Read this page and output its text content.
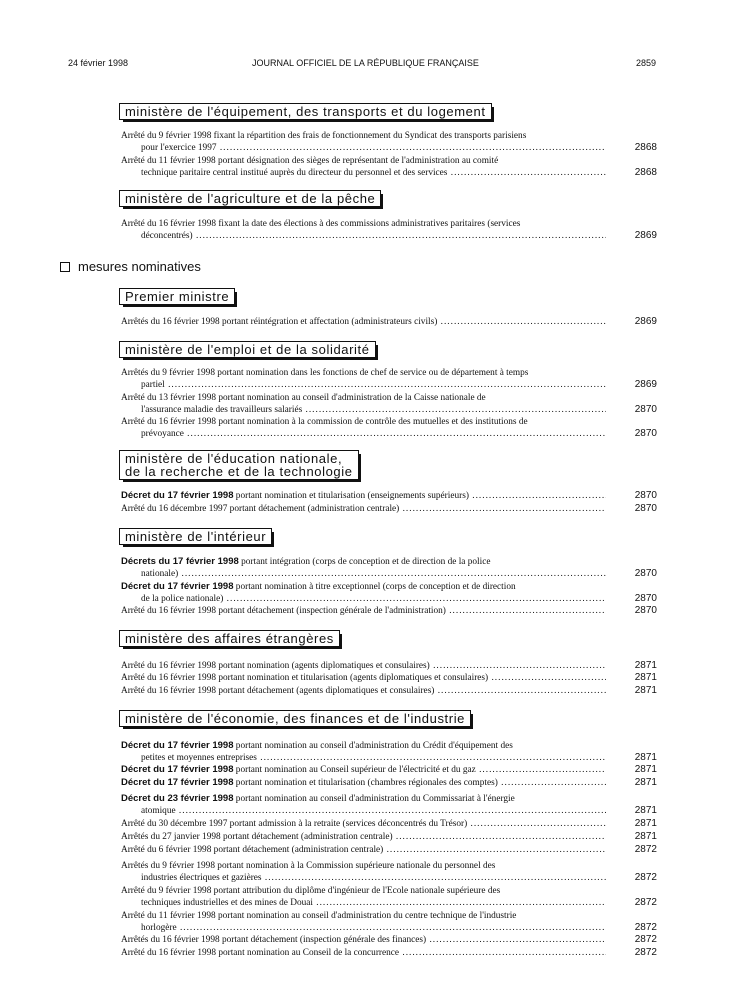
24 février 1998	JOURNAL OFFICIEL DE LA RÉPUBLIQUE FRANÇAISE	2859
ministère de l'équipement, des transports et du logement
ministère de l'agriculture et de la pêche
mesures nominatives
Premier ministre
ministère de l'emploi et de la solidarité
ministère de l'éducation nationale,
de la recherche et de la technologie
ministère de l'intérieur
ministère des affaires étrangères
ministère de l'économie, des finances et de l'industrie
Arrêté du 9 février 1998 fixant la répartition des frais de fonctionnement du Syndicat des transports parisiens
pour l'exercice 1997 .....	2868
Arrêté du 11 février 1998 portant désignation des sièges de représentant de l'administration au comité
technique paritaire central institué auprès du directeur du personnel et des services .....	2868
Arrêté du 16 février 1998 fixant la date des élections à des commissions administratives paritaires (services
déconcentrés) .....	2869
Arrêtés du 16 février 1998 portant réintégration et affectation (administrateurs civils) .....	2869
Arrêtés du 9 février 1998 portant nomination dans les fonctions de chef de service ou de département à temps
partiel .....	2869
Arrêté du 13 février 1998 portant nomination au conseil d'administration de la Caisse nationale de
l'assurance maladie des travailleurs salariés .....	2870
Arrêté du 16 février 1998 portant nomination à la commission de contrôle des mutuelles et des institutions de
prévoyance .....	2870
Décret du 17 février 1998 portant nomination et titularisation (enseignements supérieurs) .....	2870
Arrêté du 16 décembre 1997 portant détachement (administration centrale) .....	2870
Décrets du 17 février 1998 portant intégration (corps de conception et de direction de la police
nationale) .....	2870
Décret du 17 février 1998 portant nomination à titre exceptionnel (corps de conception et de direction
de la police nationale) .....	2870
Arrêté du 16 février 1998 portant détachement (inspection générale de l'administration) .....	2870
Arrêté du 16 février 1998 portant nomination (agents diplomatiques et consulaires) .....	2871
Arrêté du 16 février 1998 portant nomination et titularisation (agents diplomatiques et consulaires) .....	2871
Arrêté du 16 février 1998 portant détachement (agents diplomatiques et consulaires) .....	2871
Décret du 17 février 1998 portant nomination au conseil d'administration du Crédit d'équipement des
petites et moyennes entreprises .....	2871
Décret du 17 février 1998 portant nomination au Conseil supérieur de l'électricité et du gaz .....	2871
Décret du 17 février 1998 portant nomination et titularisation (chambres régionales des comptes) .....	2871
Décret du 23 février 1998 portant nomination au conseil d'administration du Commissariat à l'énergie
atomique .....	2871
Arrêté du 30 décembre 1997 portant admission à la retraite (services déconcentrés du Trésor) .....	2871
Arrêtés du 27 janvier 1998 portant détachement (administration centrale) .....	2871
Arrêté du 6 février 1998 portant détachement (administration centrale) .....	2872
Arrêtés du 9 février 1998 portant nomination à la Commission supérieure nationale du personnel des
industries électriques et gazières .....	2872
Arrêté du 9 février 1998 portant attribution du diplôme d'ingénieur de l'Ecole nationale supérieure des
techniques industrielles et des mines de Douai .....	2872
Arrêté du 11 février 1998 portant nomination au conseil d'administration du centre technique de l'industrie
horlogère .....	2872
Arrêtés du 16 février 1998 portant détachement (inspection générale des finances) .....	2872
Arrêté du 16 février 1998 portant nomination au Conseil de la concurrence .....	2872
